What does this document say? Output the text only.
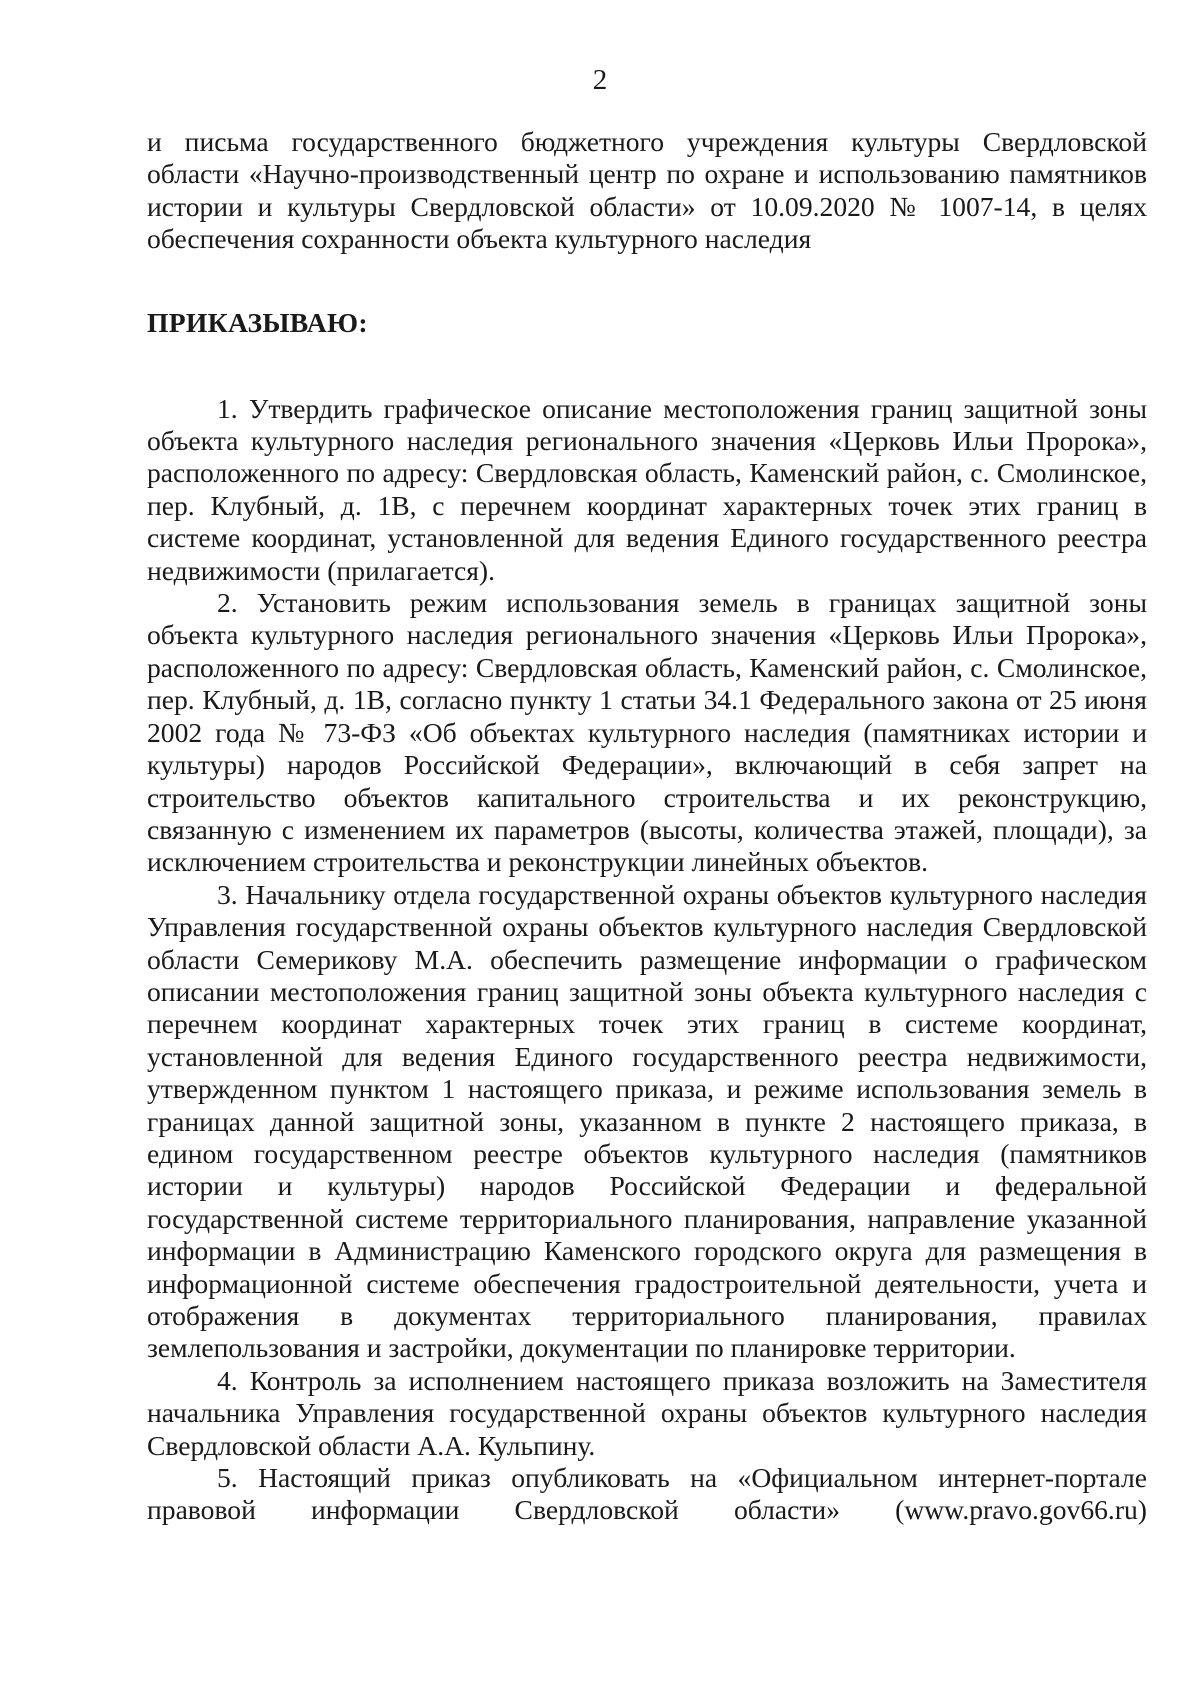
2

и письма государственного бюджетного учреждения культуры Свердловской области «Научно-производственный центр по охране и использованию памятников истории и культуры Свердловской области» от 10.09.2020 № 1007-14, в целях обеспечения сохранности объекта культурного наследия

ПРИКАЗЫВАЮ:

1. Утвердить графическое описание местоположения границ защитной зоны объекта культурного наследия регионального значения «Церковь Ильи Пророка», расположенного по адресу: Свердловская область, Каменский район, с. Смолинское, пер. Клубный, д. 1В, с перечнем координат характерных точек этих границ в системе координат, установленной для ведения Единого государственного реестра недвижимости (прилагается).

2. Установить режим использования земель в границах защитной зоны объекта культурного наследия регионального значения «Церковь Ильи Пророка», расположенного по адресу: Свердловская область, Каменский район, с. Смолинское, пер. Клубный, д. 1В, согласно пункту 1 статьи 34.1 Федерального закона от 25 июня 2002 года № 73-ФЗ «Об объектах культурного наследия (памятниках истории и культуры) народов Российской Федерации», включающий в себя запрет на строительство объектов капитального строительства и их реконструкцию, связанную с изменением их параметров (высоты, количества этажей, площади), за исключением строительства и реконструкции линейных объектов.

3. Начальнику отдела государственной охраны объектов культурного наследия Управления государственной охраны объектов культурного наследия Свердловской области Семерикову М.А. обеспечить размещение информации о графическом описании местоположения границ защитной зоны объекта культурного наследия с перечнем координат характерных точек этих границ в системе координат, установленной для ведения Единого государственного реестра недвижимости, утвержденном пунктом 1 настоящего приказа, и режиме использования земель в границах данной защитной зоны, указанном в пункте 2 настоящего приказа, в едином государственном реестре объектов культурного наследия (памятников истории и культуры) народов Российской Федерации и федеральной государственной системе территориального планирования, направление указанной информации в Администрацию Каменского городского округа для размещения в информационной системе обеспечения градостроительной деятельности, учета и отображения в документах территориального планирования, правилах землепользования и застройки, документации по планировке территории.

4. Контроль за исполнением настоящего приказа возложить на Заместителя начальника Управления государственной охраны объектов культурного наследия Свердловской области А.А. Кульпину.

5. Настоящий приказ опубликовать на «Официальном интернет-портале правовой информации Свердловской области» (www.pravo.gov66.ru)
